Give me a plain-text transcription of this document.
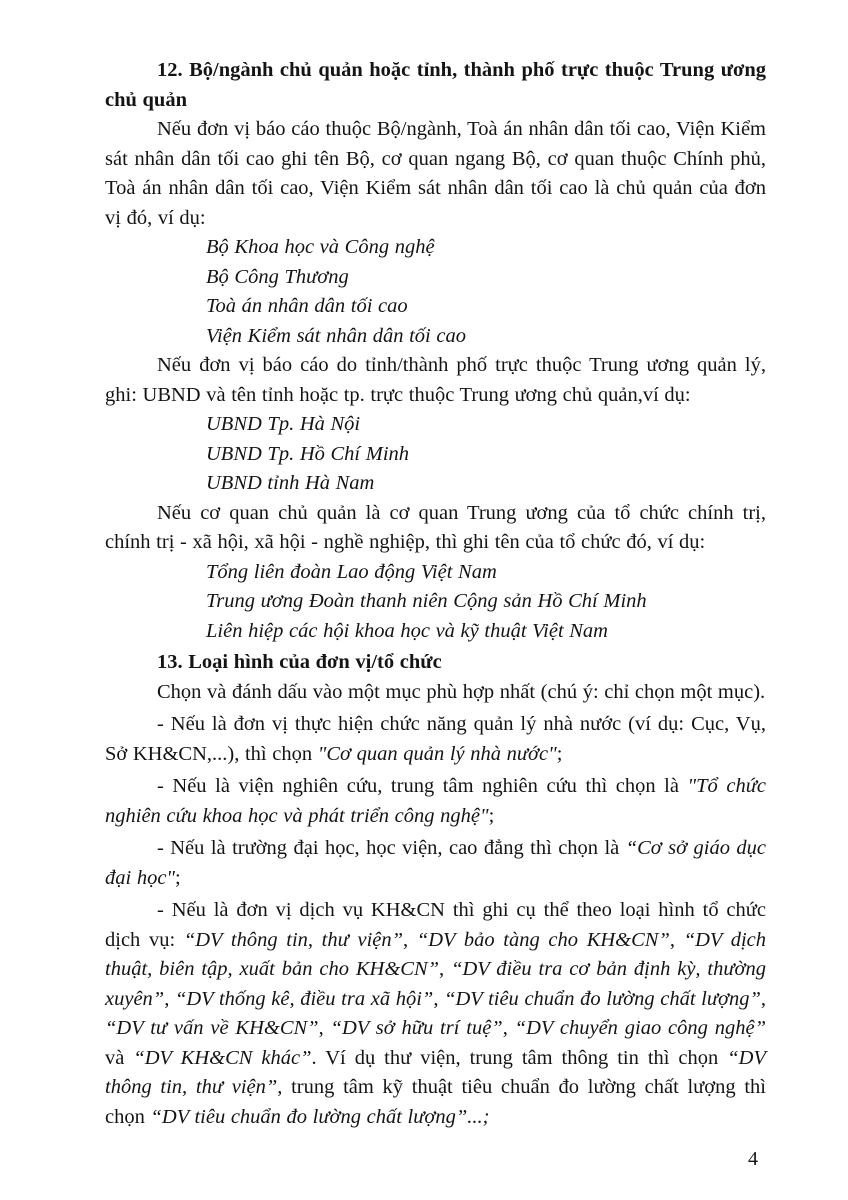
12. Bộ/ngành chủ quản hoặc tỉnh, thành phố trực thuộc Trung ương chủ quản

Nếu đơn vị báo cáo thuộc Bộ/ngành, Toà án nhân dân tối cao, Viện Kiểm sát nhân dân tối cao ghi tên Bộ, cơ quan ngang Bộ, cơ quan thuộc Chính phủ, Toà án nhân dân tối cao, Viện Kiểm sát nhân dân tối cao là chủ quản của đơn vị đó, ví dụ:

Bộ Khoa học và Công nghệ

Bộ Công Thương

Toà án nhân dân tối cao

Viện Kiểm sát nhân dân tối cao

Nếu đơn vị báo cáo do tỉnh/thành phố trực thuộc Trung ương quản lý, ghi: UBND và tên tỉnh hoặc tp. trực thuộc Trung ương chủ quản,ví dụ:

UBND Tp. Hà Nội

UBND Tp. Hồ Chí Minh

UBND tỉnh Hà Nam

Nếu cơ quan chủ quản là cơ quan Trung ương của tổ chức chính trị, chính trị - xã hội, xã hội - nghề nghiệp, thì ghi tên của tổ chức đó, ví dụ:

Tổng liên đoàn Lao động Việt Nam

Trung ương Đoàn thanh niên Cộng sản Hồ Chí Minh

Liên hiệp các hội khoa học và kỹ thuật Việt Nam

13. Loại hình của đơn vị/tổ chức

Chọn và đánh dấu vào một mục phù hợp nhất (chú ý: chỉ chọn một mục).

- Nếu là đơn vị thực hiện chức năng quản lý nhà nước (ví dụ: Cục, Vụ, Sở KH&CN,...), thì chọn "Cơ quan quản lý nhà nước";

- Nếu là viện nghiên cứu, trung tâm nghiên cứu thì chọn là "Tổ chức nghiên cứu khoa học và phát triển công nghệ";

- Nếu là trường đại học, học viện, cao đẳng thì chọn là “Cơ sở giáo dục đại học";

- Nếu là đơn vị dịch vụ KH&CN thì ghi cụ thể theo loại hình tổ chức dịch vụ: “DV thông tin, thư viện”, “DV bảo tàng cho KH&CN”, “DV dịch thuật, biên tập, xuất bản cho KH&CN”, “DV điều tra cơ bản định kỳ, thường xuyên”, “DV thống kê, điều tra xã hội”, “DV tiêu chuẩn đo lường chất lượng”, “DV tư vấn về KH&CN”, “DV sở hữu trí tuệ”, “DV chuyển giao công nghệ” và “DV KH&CN khác”. Ví dụ thư viện, trung tâm thông tin thì chọn “DV thông tin, thư viện”, trung tâm kỹ thuật tiêu chuẩn đo lường chất lượng thì chọn “DV tiêu chuẩn đo lường chất lượng”...;

4
